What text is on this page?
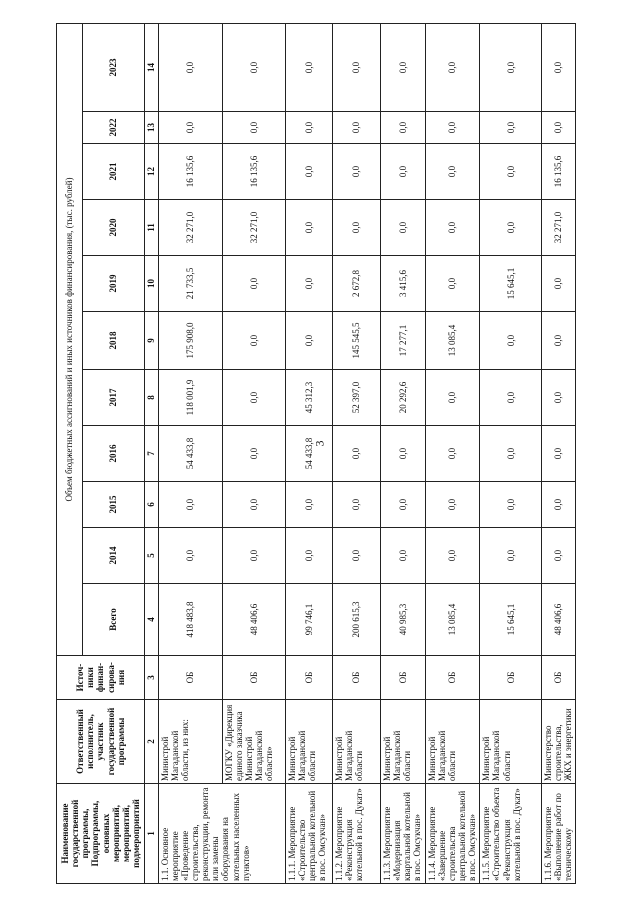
3
Наименование государственной программы, Подпрограммы, основных мероприятий, мероприятий, подмероприятий	Ответственный исполнитель, участник государственной программы	Источ-ники финан-сирова-ния	Объем бюджетных ассигнований и иных источников финансирования, (тыс. рублей)										
			Всего	2014	2015	2016	2017	2018	2019	2020	2021	2022	2023
1	2	3	4	5	6	7	8	9	10	11	12	13	14
1.1. Основное мероприятие «Проведение строительства, реконструкции, ремонта или замены оборудования на котельных населенных пунктов»	Министрой Магаданской области, из них:	ОБ	418 483,8	0,0	0,0	54 433,8	118 001,9	175 908,0	21 733,5	32 271,0	16 135,6	0,0	0,0
	МОГКУ «Дирекция единого заказчика Министрой Магаданской области»	ОБ	48 406,6	0,0	0,0	0,0	0,0	0,0	0,0	32 271,0	16 135,6	0,0	0,0
1.1.1. Мероприятие «Строительство центральной котельной в пос. Омсукчан»	Министрой Магаданской области	ОБ	99 746,1	0,0	0,0	54 433,8	45 312,3	0,0	0,0	0,0	0,0	0,0	0,0
1.1.2. Мероприятие «Реконструкция котельной в пос. Дукат»	Министрой Магаданской области	ОБ	200 615,3	0,0	0,0	0,0	52 397,0	145 545,5	2 672,8	0,0	0,0	0,0	0,0
1.1.3. Мероприятие «Модернизация квартальной котельной в пос. Омсукчан»	Министрой Магаданской области	ОБ	40 985,3	0,0	0,0	0,0	20 292,6	17 277,1	3 415,6	0,0	0,0	0,0	0,0
1.1.4. Мероприятие «Завершение строительства центральной котельной в пос. Омсукчан»	Министрой Магаданской области	ОБ	13 085,4	0,0	0,0	0,0	0,0	13 085,4	0,0	0,0	0,0	0,0	0,0
1.1.5. Мероприятие «Строительство объекта «Реконструкция котельной в пос. Дукат»	Министрой Магаданской области	ОБ	15 645,1	0,0	0,0	0,0	0,0	0,0	15 645,1	0,0	0,0	0,0	0,0
1.1.6. Мероприятие «Выполнение работ по техническому	Министерство строительства, ЖКХ и энергетики	ОБ	48 406,6	0,0	0,0	0,0	0,0	0,0	0,0	32 271,0	16 135,6	0,0	0,0
